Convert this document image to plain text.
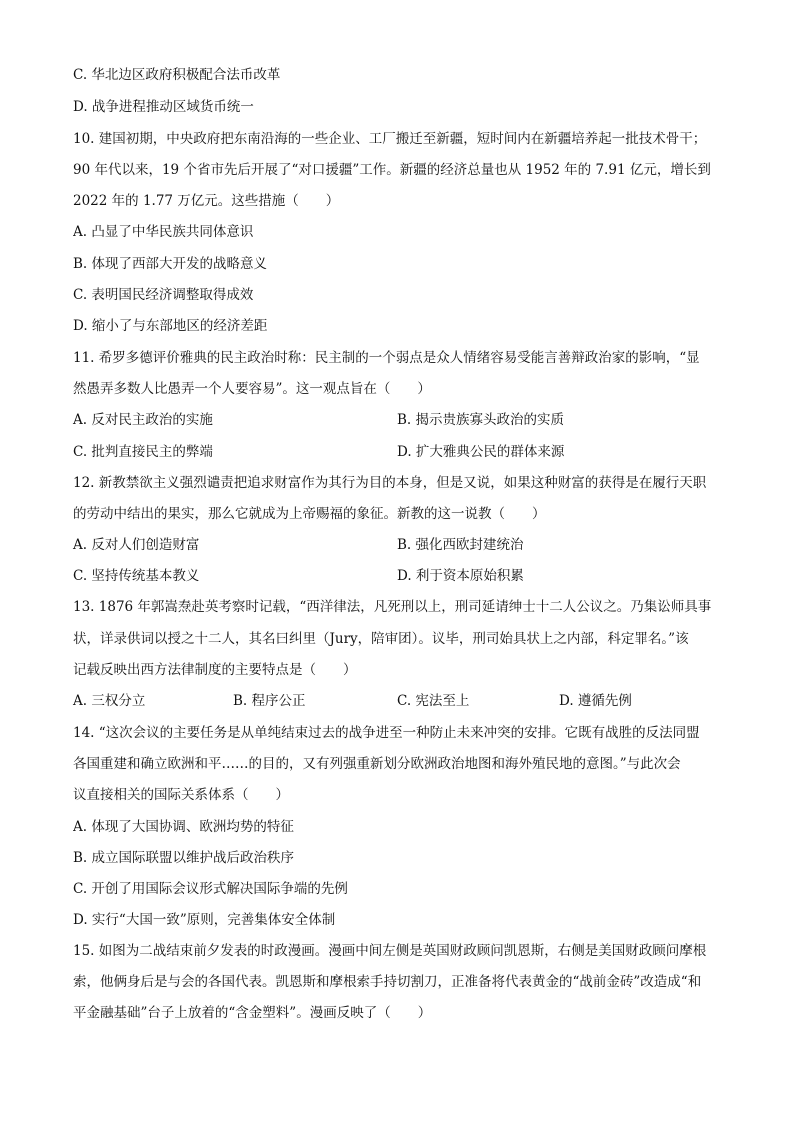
C. 华北边区政府积极配合法币改革
D. 战争进程推动区域货币统一
10. 建国初期，中央政府把东南沿海的一些企业、工厂搬迁至新疆，短时间内在新疆培养起一批技术骨干；
90 年代以来，19 个省市先后开展了“对口援疆”工作。新疆的经济总量也从 1952 年的 7.91 亿元，增长到
2022 年的 1.77 万亿元。这些措施（　　）
A. 凸显了中华民族共同体意识
B. 体现了西部大开发的战略意义
C. 表明国民经济调整取得成效
D. 缩小了与东部地区的经济差距
11. 希罗多德评价雅典的民主政治时称：民主制的一个弱点是众人情绪容易受能言善辩政治家的影响，“显
然愚弄多数人比愚弄一个人要容易”。这一观点旨在（　　）
A. 反对民主政治的实施	B. 揭示贵族寡头政治的实质
C. 批判直接民主的弊端	D. 扩大雅典公民的群体来源
12. 新教禁欲主义强烈谴责把追求财富作为其行为目的本身，但是又说，如果这种财富的获得是在履行天职
的劳动中结出的果实，那么它就成为上帝赐福的象征。新教的这一说教（　　）
A. 反对人们创造财富	B. 强化西欧封建统治
C. 坚持传统基本教义	D. 利于资本原始积累
13. 1876 年郭嵩焘赴英考察时记载，“西洋律法，凡死刑以上，刑司延请绅士十二人公议之。乃集讼师具事
状，详录供词以授之十二人，其名曰纠里（Jury，陪审团）。议毕，刑司始具状上之内部，科定罪名。”该
记载反映出西方法律制度的主要特点是（　　）
A. 三权分立	B. 程序公正	C. 宪法至上	D. 遵循先例
14. “这次会议的主要任务是从单纯结束过去的战争进至一种防止未来冲突的安排。它既有战胜的反法同盟
各国重建和确立欧洲和平……的目的，又有列强重新划分欧洲政治地图和海外殖民地的意图。”与此次会
议直接相关的国际关系体系（　　）
A. 体现了大国协调、欧洲均势的特征
B. 成立国际联盟以维护战后政治秩序
C. 开创了用国际会议形式解决国际争端的先例
D. 实行“大国一致”原则，完善集体安全体制
15. 如图为二战结束前夕发表的时政漫画。漫画中间左侧是英国财政顾问凯恩斯，右侧是美国财政顾问摩根
索，他俩身后是与会的各国代表。凯恩斯和摩根索手持切割刀，正准备将代表黄金的“战前金砖”改造成“和
平金融基础”台子上放着的“含金塑料”。漫画反映了（　　）
